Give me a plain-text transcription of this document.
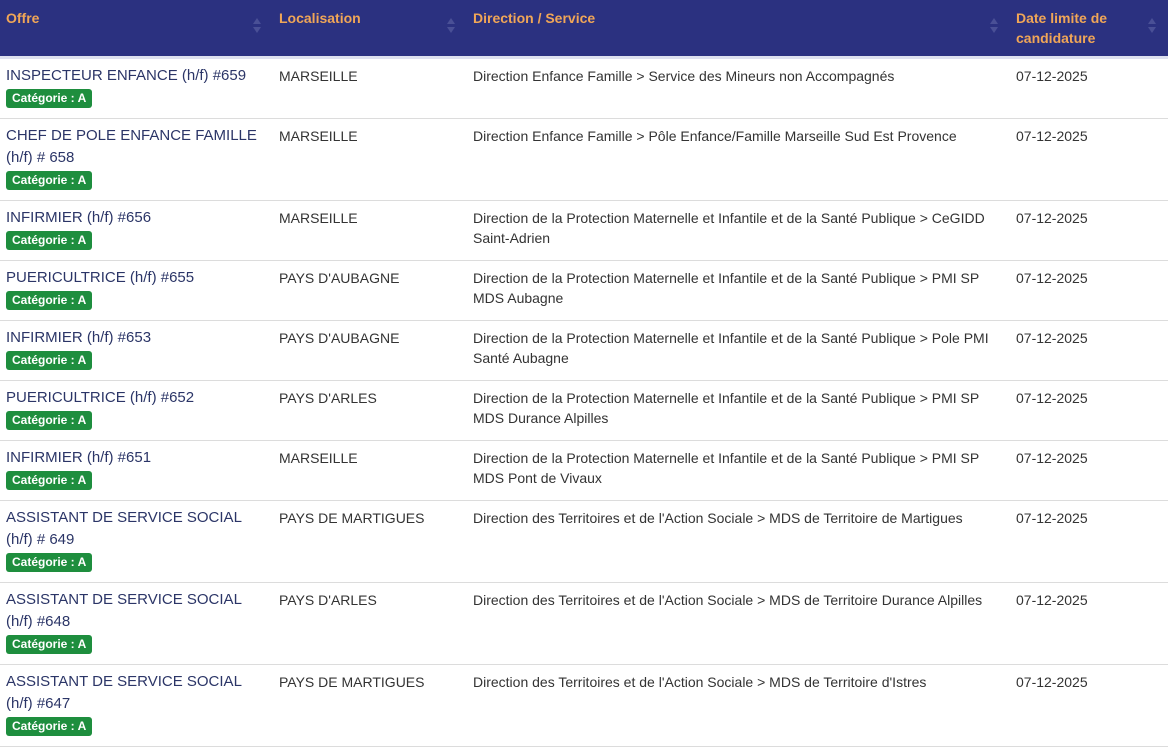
Offre	Localisation	Direction / Service	Date limite de candidature

INSPECTEUR ENFANCE (h/f) #659
Catégorie : A	MARSEILLE	Direction Enfance Famille > Service des Mineurs non Accompagnés	07-12-2025

CHEF DE POLE ENFANCE FAMILLE (h/f) # 658
Catégorie : A	MARSEILLE	Direction Enfance Famille > Pôle Enfance/Famille Marseille Sud Est Provence	07-12-2025

INFIRMIER (h/f) #656
Catégorie : A	MARSEILLE	Direction de la Protection Maternelle et Infantile et de la Santé Publique > CeGIDD Saint-Adrien	07-12-2025

PUERICULTRICE (h/f) #655
Catégorie : A	PAYS D'AUBAGNE	Direction de la Protection Maternelle et Infantile et de la Santé Publique > PMI SP MDS Aubagne	07-12-2025

INFIRMIER (h/f) #653
Catégorie : A	PAYS D'AUBAGNE	Direction de la Protection Maternelle et Infantile et de la Santé Publique > Pole PMI Santé Aubagne	07-12-2025

PUERICULTRICE (h/f) #652
Catégorie : A	PAYS D'ARLES	Direction de la Protection Maternelle et Infantile et de la Santé Publique > PMI SP MDS Durance Alpilles	07-12-2025

INFIRMIER (h/f) #651
Catégorie : A	MARSEILLE	Direction de la Protection Maternelle et Infantile et de la Santé Publique > PMI SP MDS Pont de Vivaux	07-12-2025

ASSISTANT DE SERVICE SOCIAL (h/f) # 649
Catégorie : A	PAYS DE MARTIGUES	Direction des Territoires et de l'Action Sociale > MDS de Territoire de Martigues	07-12-2025

ASSISTANT DE SERVICE SOCIAL (h/f) #648
Catégorie : A	PAYS D'ARLES	Direction des Territoires et de l'Action Sociale > MDS de Territoire Durance Alpilles	07-12-2025

ASSISTANT DE SERVICE SOCIAL (h/f) #647
Catégorie : A	PAYS DE MARTIGUES	Direction des Territoires et de l'Action Sociale > MDS de Territoire d'Istres	07-12-2025
